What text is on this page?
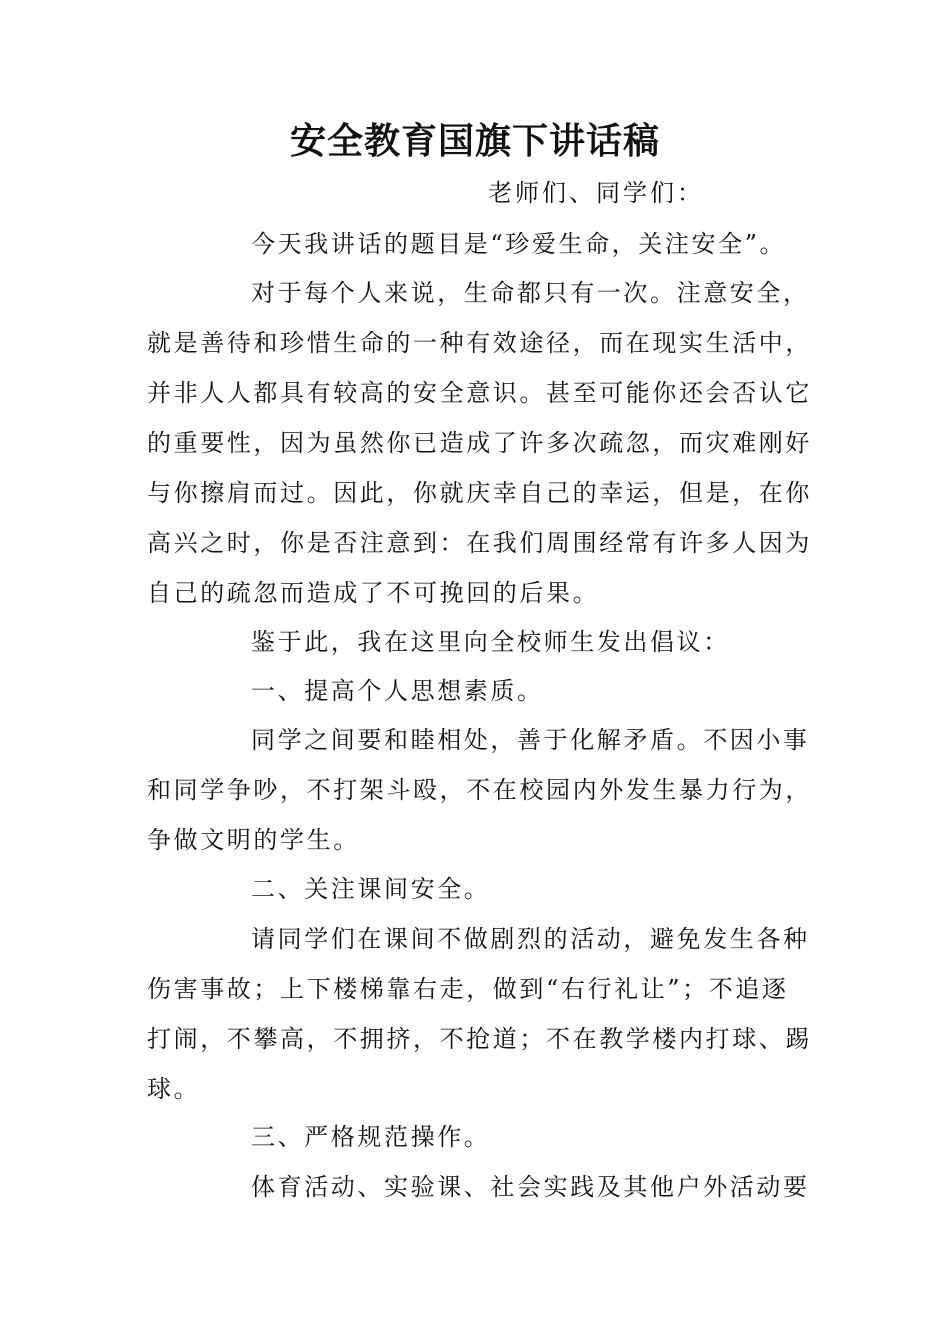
安全教育国旗下讲话稿
老师们、同学们：
今天我讲话的题目是“珍爱生命，关注安全”。
对于每个人来说，生命都只有一次。注意安全，
就是善待和珍惜生命的一种有效途径，而在现实生活中，
并非人人都具有较高的安全意识。甚至可能你还会否认它
的重要性，因为虽然你已造成了许多次疏忽，而灾难刚好
与你擦肩而过。因此，你就庆幸自己的幸运，但是，在你
高兴之时，你是否注意到：在我们周围经常有许多人因为
自己的疏忽而造成了不可挽回的后果。
鉴于此，我在这里向全校师生发出倡议：
一、提高个人思想素质。
同学之间要和睦相处，善于化解矛盾。不因小事
和同学争吵，不打架斗殴，不在校园内外发生暴力行为，
争做文明的学生。
二、关注课间安全。
请同学们在课间不做剧烈的活动，避免发生各种
伤害事故；上下楼梯靠右走，做到“右行礼让”；不追逐
打闹，不攀高，不拥挤，不抢道；不在教学楼内打球、踢
球。
三、严格规范操作。
体育活动、实验课、社会实践及其他户外活动要
